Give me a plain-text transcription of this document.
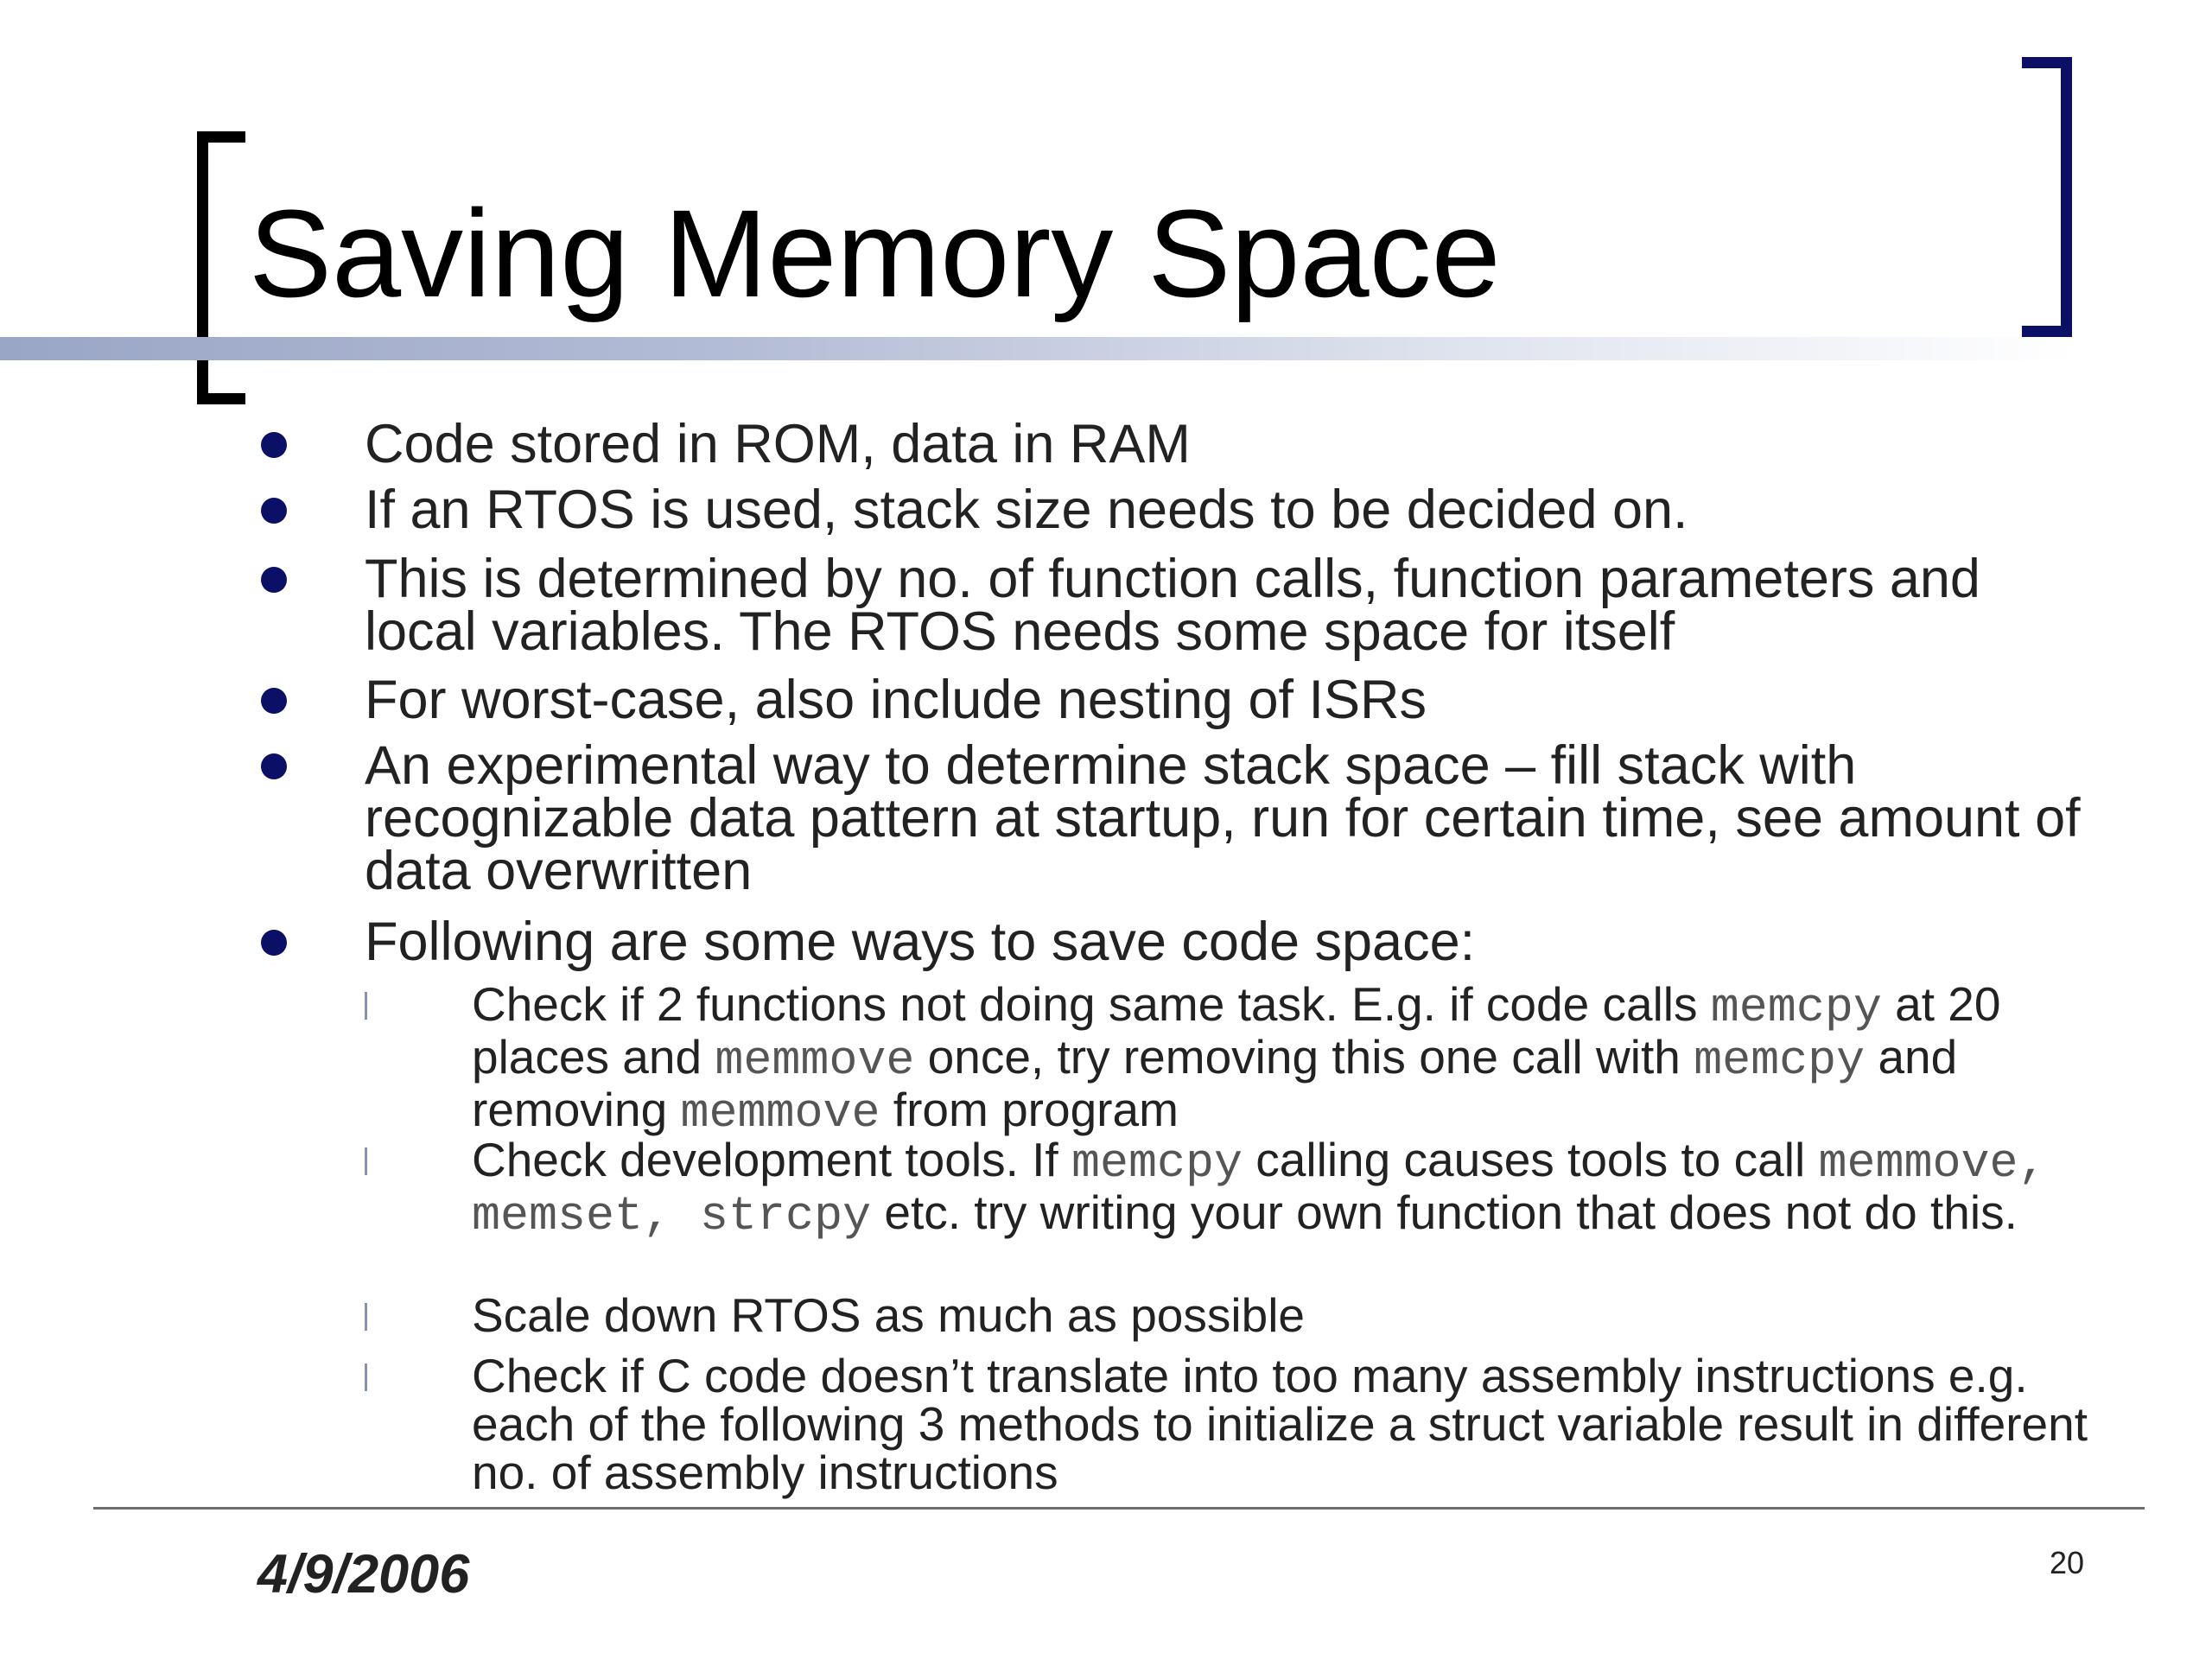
Saving Memory Space

Code stored in ROM, data in RAM

If an RTOS is used, stack size needs to be decided on.

This is determined by no. of function calls, function parameters and local variables. The RTOS needs some space for itself

For worst-case, also include nesting of ISRs

An experimental way to determine stack space – fill stack with recognizable data pattern at startup, run for certain time, see amount of data overwritten

Following are some ways to save code space:

Check if 2 functions not doing same task. E.g. if code calls memcpy at 20 places and memmove once, try removing this one call with memcpy and removing memmove from program

Check development tools. If memcpy calling causes tools to call memmove, memset, strcpy etc. try writing your own function that does not do this.

Scale down RTOS as much as possible

Check if C code doesn’t translate into too many assembly instructions e.g. each of the following 3 methods to initialize a struct variable result in different no. of assembly instructions

4/9/2006	20
